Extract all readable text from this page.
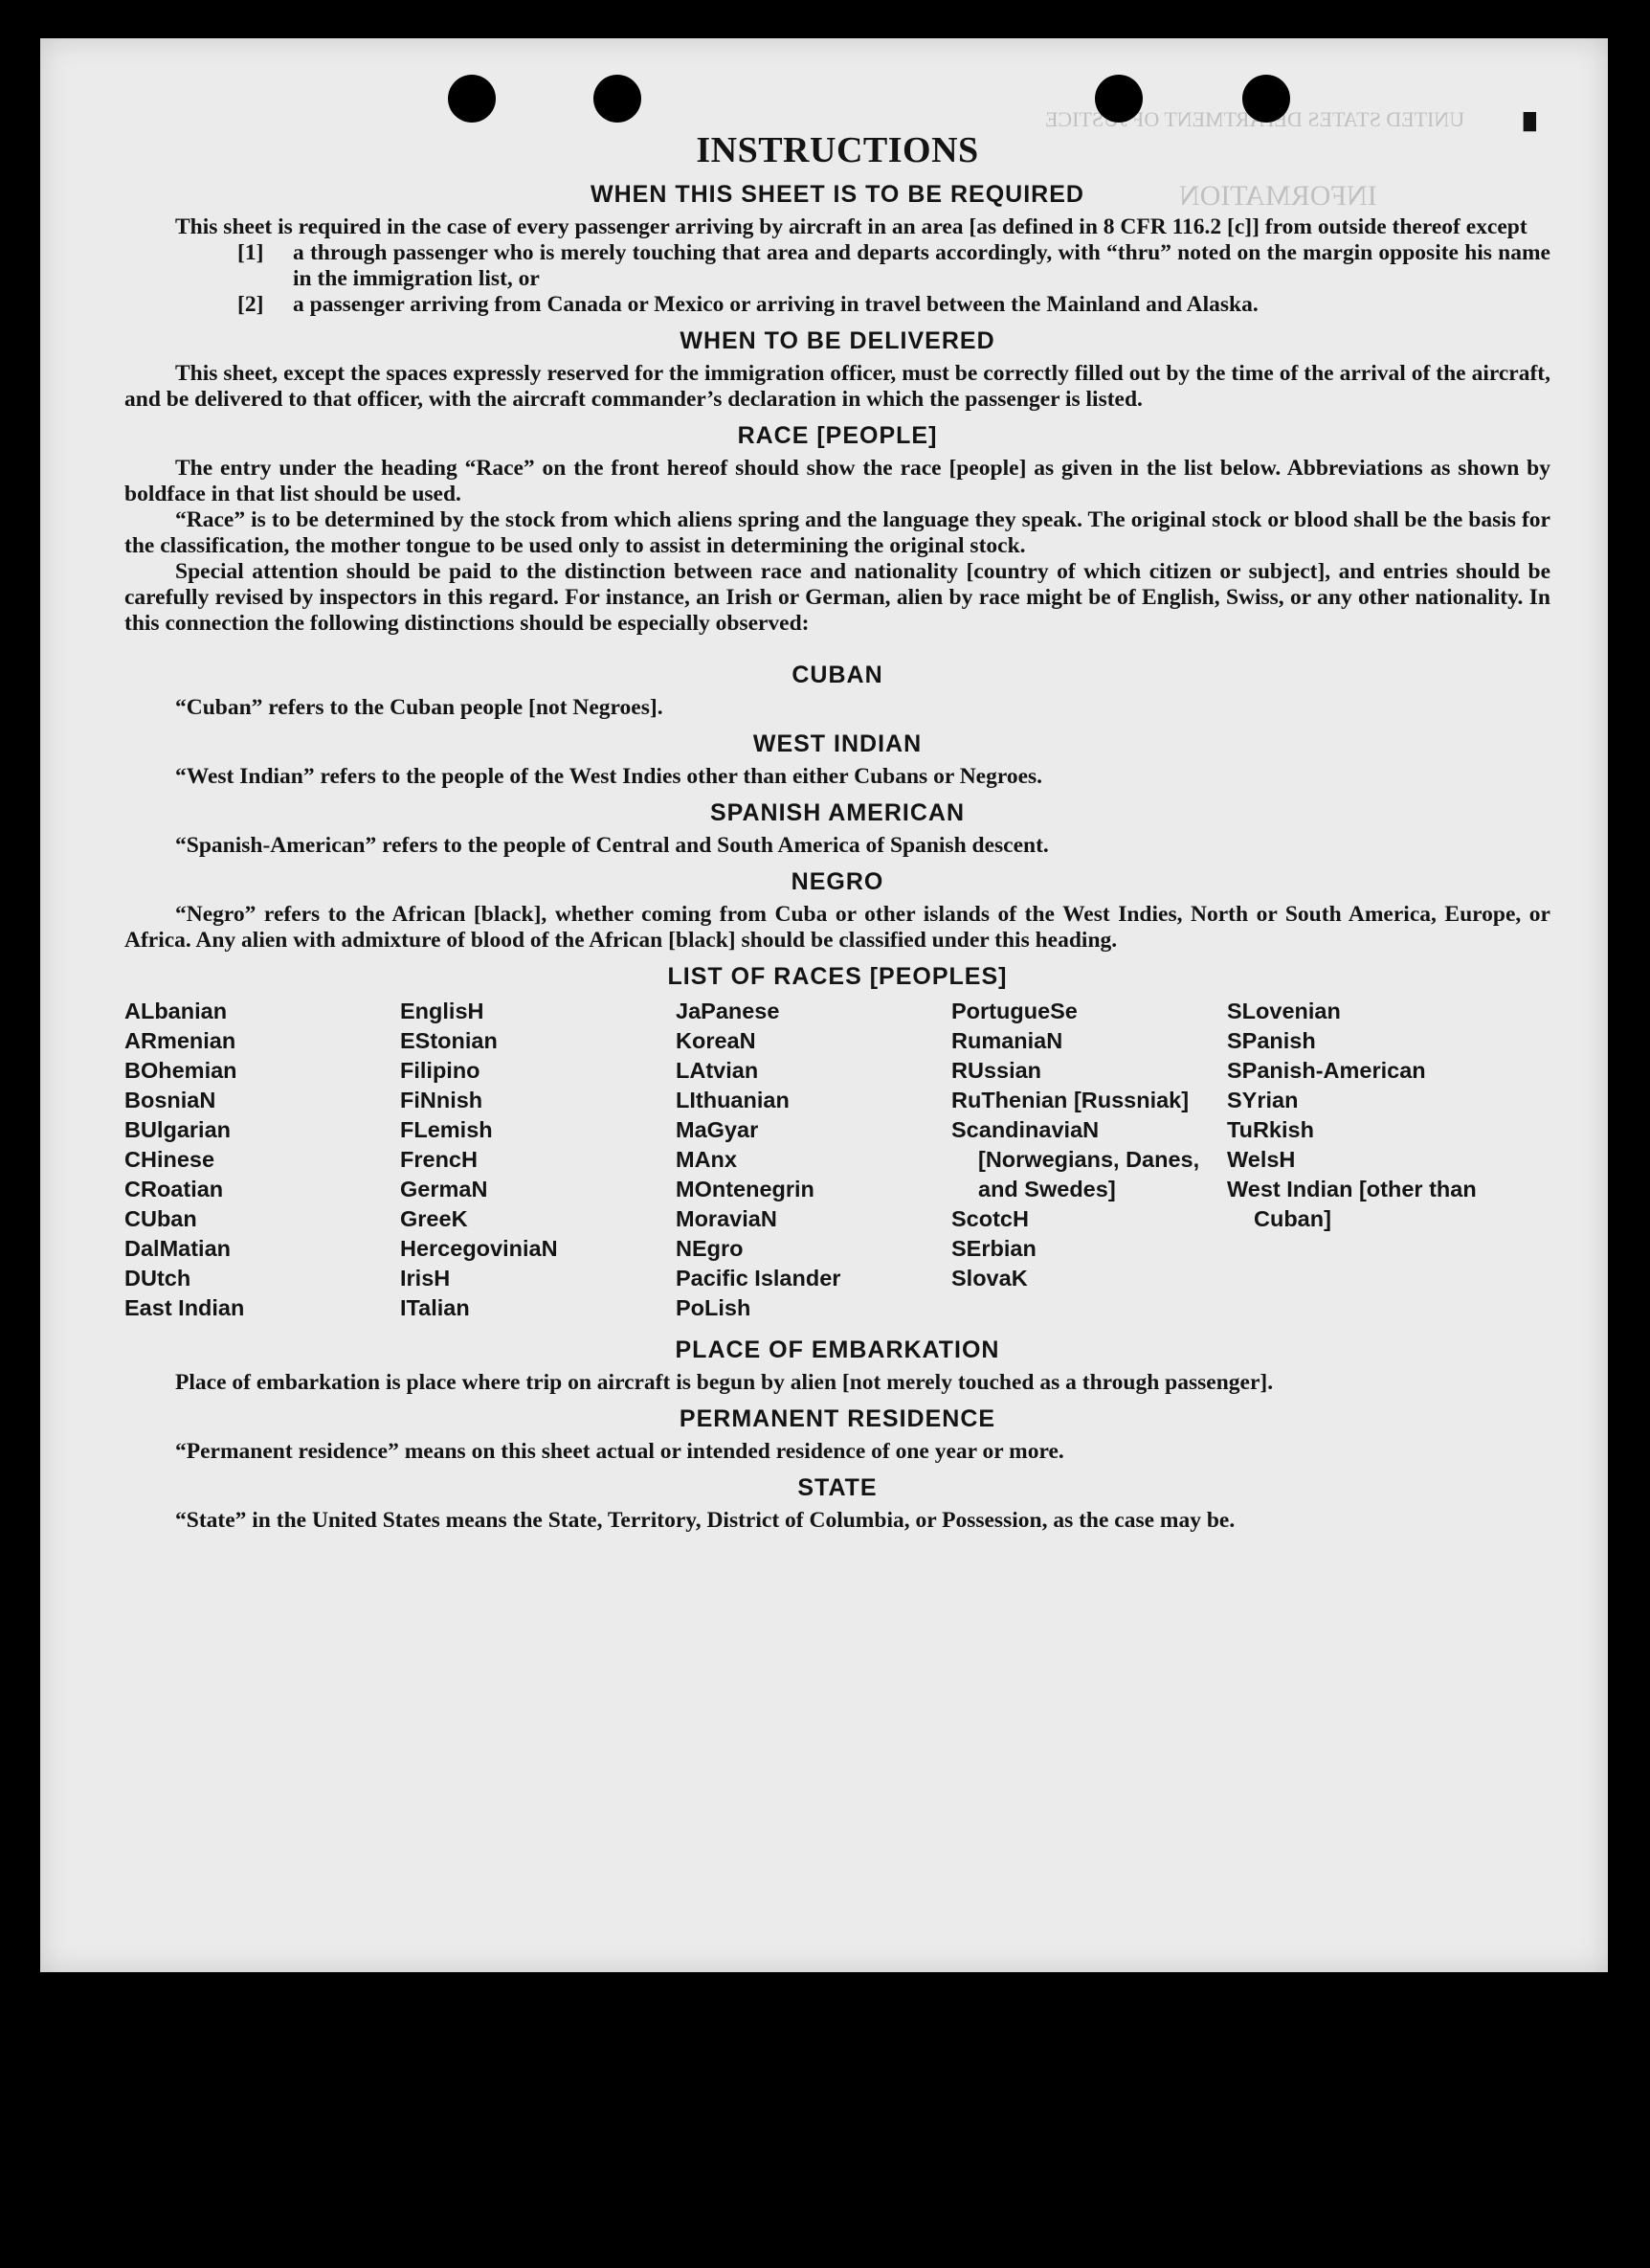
UNITED STATES DEPARTMENT OF JUSTICE
INFORMATION
▘
INSTRUCTIONS
WHEN THIS SHEET IS TO BE REQUIRED

This sheet is required in the case of every passenger arriving by aircraft in an area [as defined in 8 CFR 116.2 [c]] from outside thereof except

[1]	a through passenger who is merely touching that area and departs accordingly, with “thru” noted on the margin opposite his name in the immigration list, or
[2]	a passenger arriving from Canada or Mexico or arriving in travel between the Mainland and Alaska.
WHEN TO BE DELIVERED

This sheet, except the spaces expressly reserved for the immigration officer, must be correctly filled out by the time of the arrival of the aircraft, and be delivered to that officer, with the aircraft commander’s declaration in which the passenger is listed.

RACE [PEOPLE]

The entry under the heading “Race” on the front hereof should show the race [people] as given in the list below. Abbreviations as shown by boldface in that list should be used.

“Race” is to be determined by the stock from which aliens spring and the language they speak. The original stock or blood shall be the basis for the classification, the mother tongue to be used only to assist in determining the original stock.

Special attention should be paid to the distinction between race and nationality [country of which citizen or subject], and entries should be carefully revised by inspectors in this regard. For instance, an Irish or German, alien by race might be of English, Swiss, or any other nationality. In this connection the following distinctions should be especially observed:

CUBAN

“Cuban” refers to the Cuban people [not Negroes].

WEST INDIAN

“West Indian” refers to the people of the West Indies other than either Cubans or Negroes.

SPANISH AMERICAN

“Spanish-American” refers to the people of Central and South America of Spanish descent.

NEGRO

“Negro” refers to the African [black], whether coming from Cuba or other islands of the West Indies, North or South America, Europe, or Africa. Any alien with admixture of blood of the African [black] should be classified under this heading.

LIST OF RACES [PEOPLES]
ALbanian
ARmenian
BOhemian
BosniaN
BUlgarian
CHinese
CRoatian
CUban
DalMatian
DUtch
East Indian
EnglisH
EStonian
Filipino
FiNnish
FLemish
FrencH
GermaN
GreeK
HercegoviniaN
IrisH
ITalian
JaPanese
KoreaN
LAtvian
LIthuanian
MaGyar
MAnx
MOntenegrin
MoraviaN
NEgro
Pacific Islander
PoLish
PortugueSe
RumaniaN
RUssian
RuThenian [Russniak]
ScandinaviaN [Norwegians, Danes, and Swedes]
ScotcH
SErbian
SlovaK
SLovenian
SPanish
SPanish-American
SYrian
TuRkish
WelsH
West Indian [other than Cuban]
PLACE OF EMBARKATION

Place of embarkation is place where trip on aircraft is begun by alien [not merely touched as a through passenger].

PERMANENT RESIDENCE

“Permanent residence” means on this sheet actual or intended residence of one year or more.

STATE

“State” in the United States means the State, Territory, District of Columbia, or Possession, as the case may be.
